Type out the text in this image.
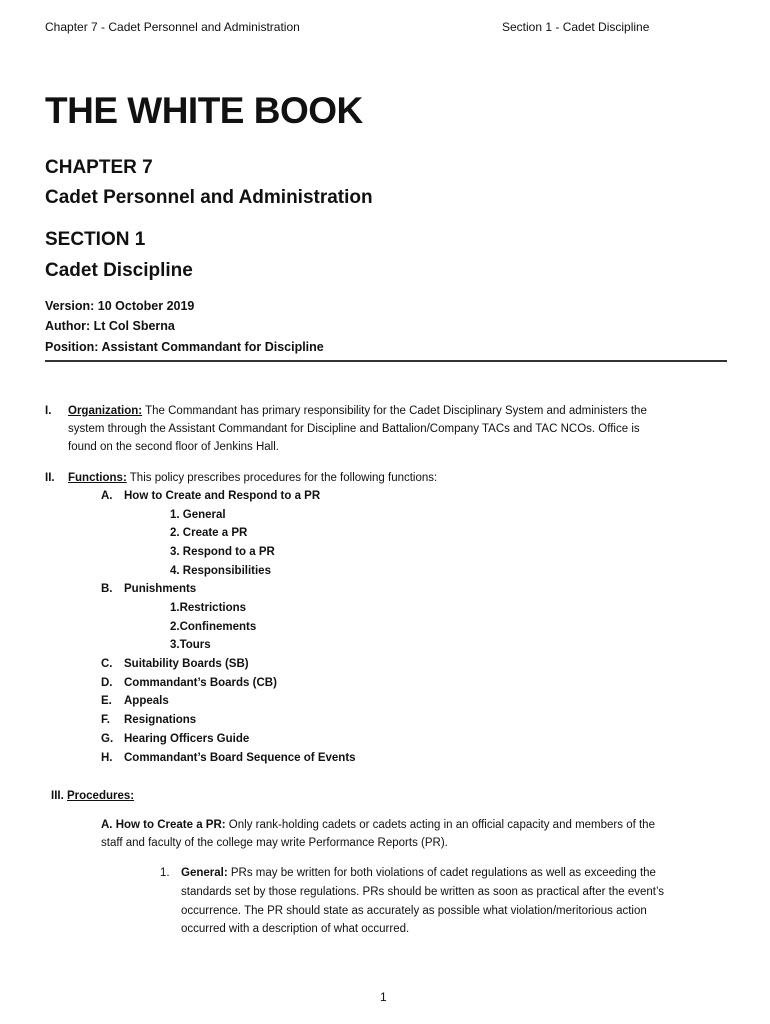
Chapter 7 - Cadet Personnel and Administration	Section 1 - Cadet Discipline
THE WHITE BOOK
CHAPTER 7
Cadet Personnel and Administration
SECTION 1
Cadet Discipline
Version: 10 October 2019
Author: Lt Col Sberna
Position: Assistant Commandant for Discipline
I. Organization: The Commandant has primary responsibility for the Cadet Disciplinary System and administers the
system through the Assistant Commandant for Discipline and Battalion/Company TACs and TAC NCOs. Office is
found on the second floor of Jenkins Hall.
II. Functions: This policy prescribes procedures for the following functions:
A. How to Create and Respond to a PR
1. General
2. Create a PR
3. Respond to a PR
4. Responsibilities
B. Punishments
1.Restrictions
2.Confinements
3.Tours
C. Suitability Boards (SB)
D. Commandant’s Boards (CB)
E. Appeals
F. Resignations
G. Hearing Officers Guide
H. Commandant’s Board Sequence of Events
III. Procedures:
A. How to Create a PR: Only rank-holding cadets or cadets acting in an official capacity and members of the
staff and faculty of the college may write Performance Reports (PR).
1. General: PRs may be written for both violations of cadet regulations as well as exceeding the
standards set by those regulations. PRs should be written as soon as practical after the event’s
occurrence. The PR should state as accurately as possible what violation/meritorious action
occurred with a description of what occurred.
1
